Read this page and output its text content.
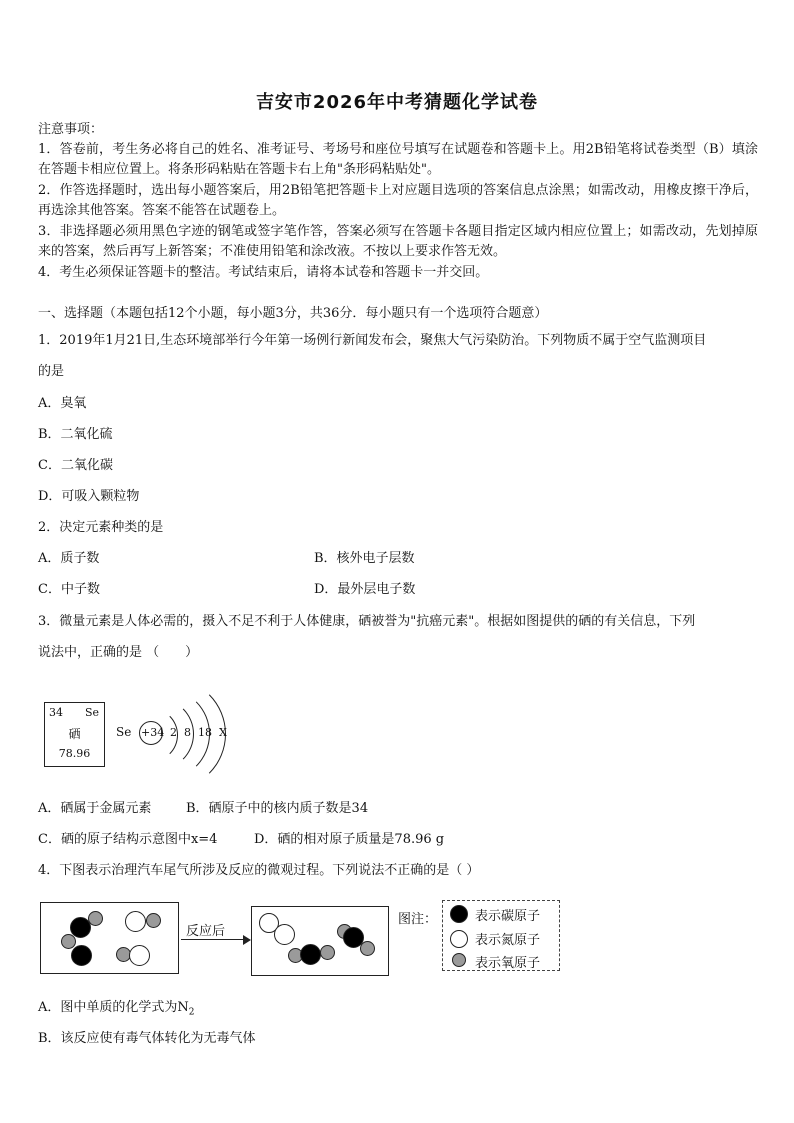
吉安市2026年中考猜题化学试卷
注意事项：
1．答卷前，考生务必将自己的姓名、准考证号、考场号和座位号填写在试题卷和答题卡上。用2B铅笔将试卷类型（B）填涂在答题卡相应位置上。将条形码粘贴在答题卡右上角"条形码粘贴处"。
2．作答选择题时，选出每小题答案后，用2B铅笔把答题卡上对应题目选项的答案信息点涂黑；如需改动，用橡皮擦干净后，再选涂其他答案。答案不能答在试题卷上。
3．非选择题必须用黑色字迹的钢笔或签字笔作答，答案必须写在答题卡各题目指定区域内相应位置上；如需改动，先划掉原来的答案，然后再写上新答案；不准使用铅笔和涂改液。不按以上要求作答无效。
4．考生必须保证答题卡的整洁。考试结束后，请将本试卷和答题卡一并交回。
一、选择题（本题包括12个小题，每小题3分，共36分．每小题只有一个选项符合题意）
1．2019年1月21日,生态环境部举行今年第一场例行新闻发布会，聚焦大气污染防治。下列物质不属于空气监测项目
的是
A．臭氧
B．二氧化硫
C．二氧化碳
D．可吸入颗粒物
2．决定元素种类的是
A．质子数	B．核外电子层数
C．中子数	D．最外层电子数
3．微量元素是人体必需的，摄入不足不利于人体健康，硒被誉为"抗癌元素"。根据如图提供的硒的有关信息，下列
说法中，正确的是 （　　）
34 Se
硒
78.96
Se +34 2  8  18  X
A．硒属于金属元素	B．硒原子中的核内质子数是34
C．硒的原子结构示意图中x=4	D．硒的相对原子质量是78.96 g
4．下图表示治理汽车尾气所涉及反应的微观过程。下列说法不正确的是（ ）
反应后
图注：	表示碳原子
表示氮原子
表示氧原子
A．图中单质的化学式为$N_2$
B．该反应使有毒气体转化为无毒气体
